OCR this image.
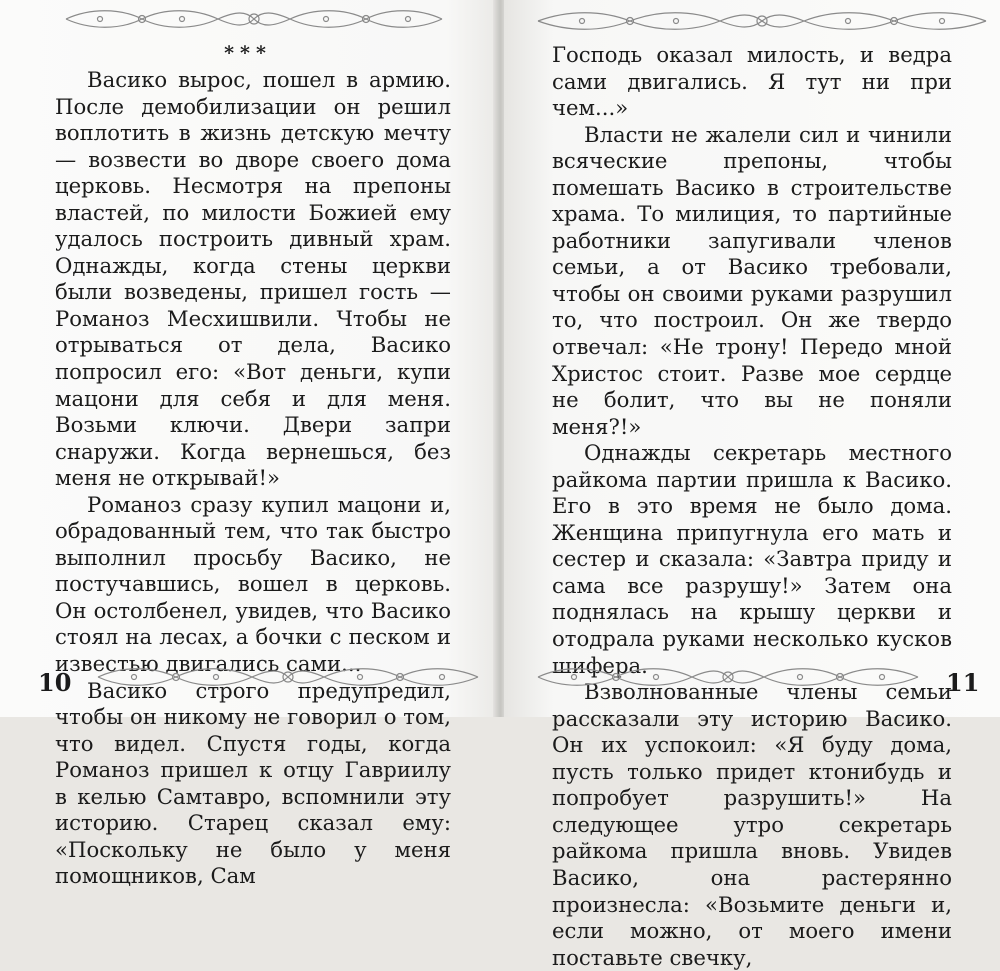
***

Васико вырос, пошел в армию. После демобилизации он решил воплотить в жизнь детскую мечту — возвести во дворе своего дома церковь. Несмотря на препоны властей, по милости Божией ему удалось построить дивный храм. Однажды, когда стены церкви были возведены, пришел гость — Романоз Месхишвили. Чтобы не отрываться от дела, Васико попросил его: «Вот деньги, купи мацони для себя и для меня. Возьми ключи. Двери запри снаружи. Когда вернешься, без меня не открывай!»

Романоз сразу купил мацони и, обрадованный тем, что так быстро выполнил просьбу Васико, не постучавшись, вошел в церковь. Он остолбенел, увидев, что Васико стоял на лесах, а бочки с песком и известью двигались сами...

Васико строго предупредил, чтобы он никому не говорил о том, что видел. Спустя годы, когда Романоз пришел к отцу Гавриилу в келью Самтавро, вспомнили эту историю. Старец сказал ему: «Поскольку не было у меня помощников, Сам

10

Господь оказал милость, и ведра сами двигались. Я тут ни при чем...»

Власти не жалели сил и чинили всяческие препоны, чтобы помешать Васико в строительстве храма. То милиция, то партийные работники запугивали членов семьи, а от Васико требовали, чтобы он своими руками разрушил то, что построил. Он же твердо отвечал: «Не трону! Передо мной Христос стоит. Разве мое сердце не болит, что вы не поняли меня?!»

Однажды секретарь местного райкома партии пришла к Васико. Его в это время не было дома. Женщина припугнула его мать и сестер и сказала: «Завтра приду и сама все разрушу!» Затем она поднялась на крышу церкви и отодрала руками несколько кусков шифера.

Взволнованные члены семьи рассказали эту историю Васико. Он их успокоил: «Я буду дома, пусть только придет ктонибудь и попробует разрушить!» На следующее утро секретарь райкома пришла вновь. Увидев Васико, она растерянно произнесла: «Возьмите деньги и, если можно, от моего имени поставьте свечку,

11
